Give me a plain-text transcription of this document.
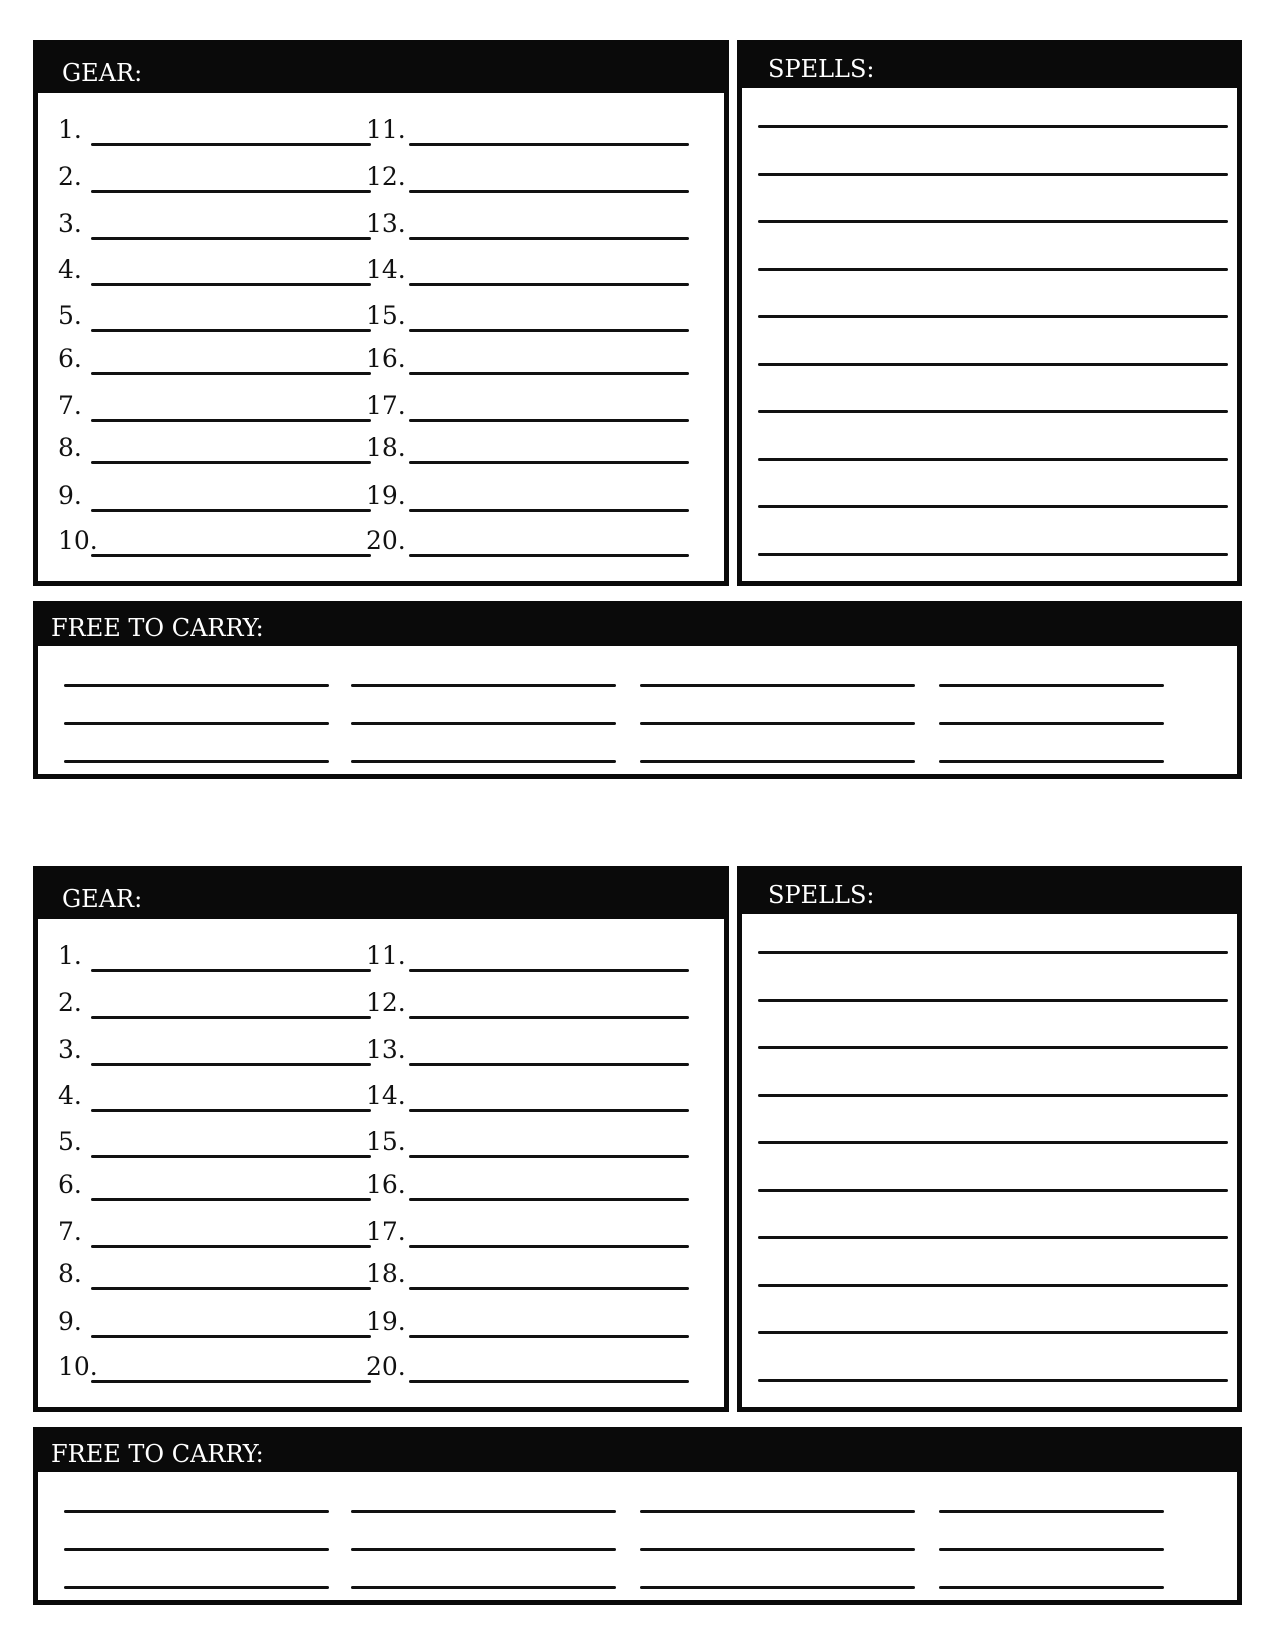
GEAR:
1.	11.
2.	12.
3.	13.
4.	14.
5.	15.
6.	16.
7.	17.
8.	18.
9.	19.
10.	20.
SPELLS:
FREE TO CARRY:
GEAR:
1.	11.
2.	12.
3.	13.
4.	14.
5.	15.
6.	16.
7.	17.
8.	18.
9.	19.
10.	20.
SPELLS:
FREE TO CARRY:
